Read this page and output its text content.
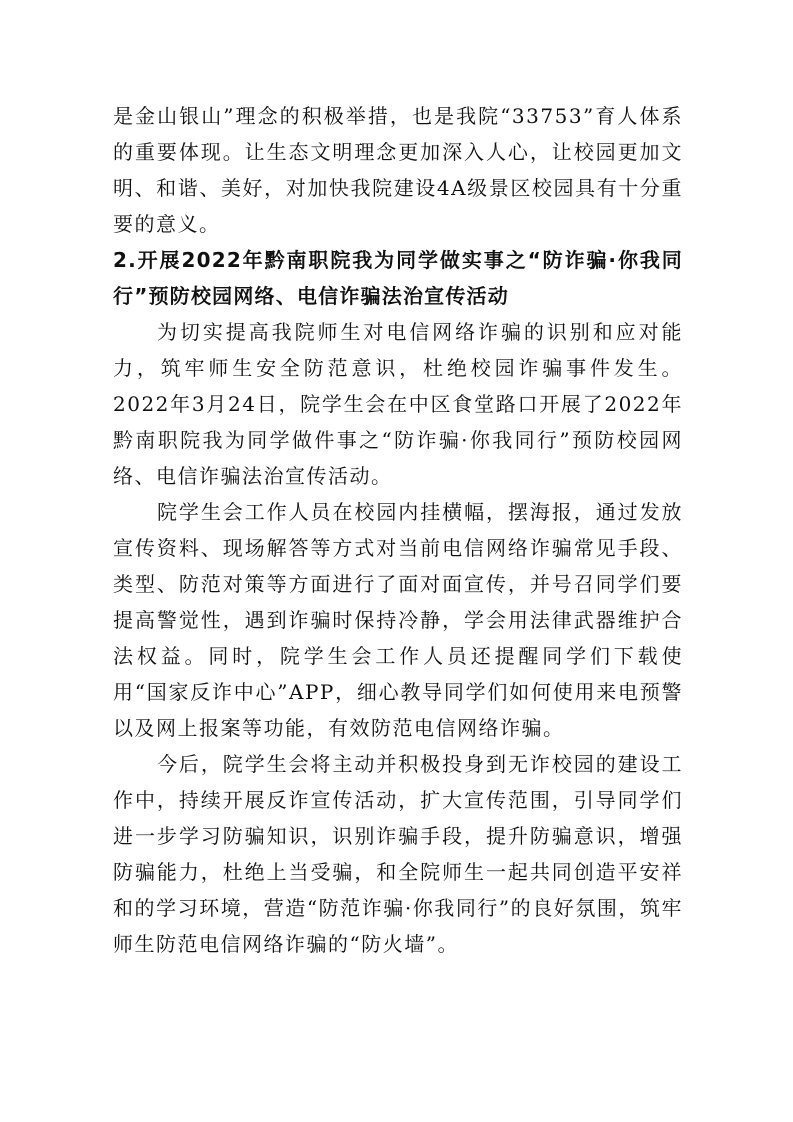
是金山银山”理念的积极举措，也是我院“33753”育人体系的重要体现。让生态文明理念更加深入人心，让校园更加文明、和谐、美好，对加快我院建设4A级景区校园具有十分重要的意义。

2.开展2022年黔南职院我为同学做实事之“防诈骗·你我同行”预防校园网络、电信诈骗法治宣传活动

为切实提高我院师生对电信网络诈骗的识别和应对能力，筑牢师生安全防范意识，杜绝校园诈骗事件发生。2022年3月24日，院学生会在中区食堂路口开展了2022年黔南职院我为同学做件事之“防诈骗·你我同行”预防校园网络、电信诈骗法治宣传活动。

院学生会工作人员在校园内挂横幅，摆海报，通过发放宣传资料、现场解答等方式对当前电信网络诈骗常见手段、类型、防范对策等方面进行了面对面宣传，并号召同学们要提高警觉性，遇到诈骗时保持冷静，学会用法律武器维护合法权益。同时，院学生会工作人员还提醒同学们下载使用“国家反诈中心”APP，细心教导同学们如何使用来电预警以及网上报案等功能，有效防范电信网络诈骗。

今后，院学生会将主动并积极投身到无诈校园的建设工作中，持续开展反诈宣传活动，扩大宣传范围，引导同学们进一步学习防骗知识，识别诈骗手段，提升防骗意识，增强防骗能力，杜绝上当受骗，和全院师生一起共同创造平安祥和的学习环境，营造“防范诈骗·你我同行”的良好氛围，筑牢师生防范电信网络诈骗的“防火墙”。
